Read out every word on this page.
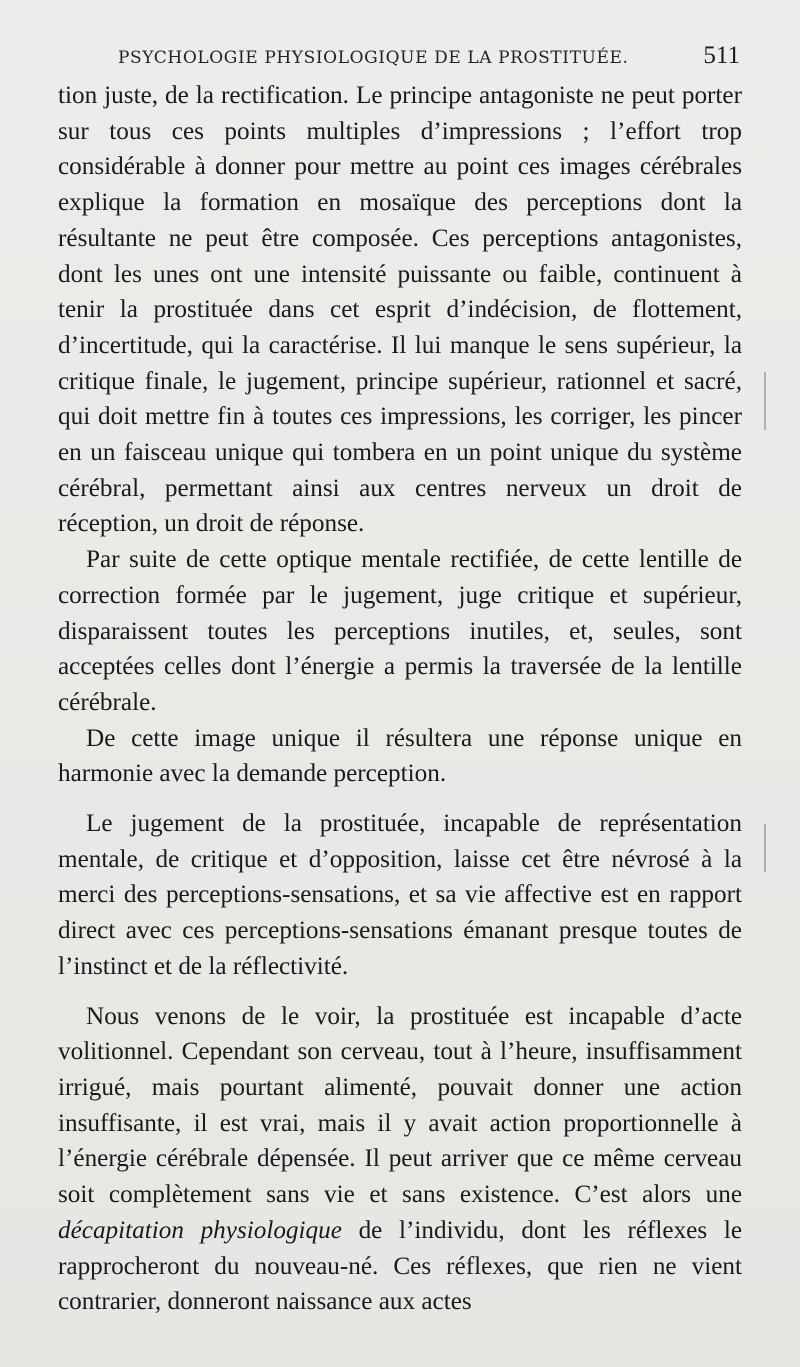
PSYCHOLOGIE PHYSIOLOGIQUE DE LA PROSTITUÉE.	511

tion juste, de la rectification. Le principe antagoniste ne peut porter sur tous ces points multiples d’impressions ; l’effort trop considérable à donner pour mettre au point ces images cérébrales explique la formation en mosaïque des perceptions dont la résultante ne peut être composée. Ces perceptions antagonistes, dont les unes ont une intensité puissante ou faible, continuent à tenir la prostituée dans cet esprit d’indécision, de flottement, d’incertitude, qui la caractérise. Il lui manque le sens supérieur, la critique finale, le jugement, principe supérieur, rationnel et sacré, qui doit mettre fin à toutes ces impressions, les corriger, les pincer en un faisceau unique qui tombera en un point unique du système cérébral, permettant ainsi aux centres nerveux un droit de réception, un droit de réponse.

Par suite de cette optique mentale rectifiée, de cette lentille de correction formée par le jugement, juge critique et supérieur, disparaissent toutes les perceptions inutiles, et, seules, sont acceptées celles dont l’énergie a permis la traversée de la lentille cérébrale.

De cette image unique il résultera une réponse unique en harmonie avec la demande perception.

Le jugement de la prostituée, incapable de représentation mentale, de critique et d’opposition, laisse cet être névrosé à la merci des perceptions-sensations, et sa vie affective est en rapport direct avec ces perceptions-sensations émanant presque toutes de l’instinct et de la réflectivité.

Nous venons de le voir, la prostituée est incapable d’acte volitionnel. Cependant son cerveau, tout à l’heure, insuffisamment irrigué, mais pourtant alimenté, pouvait donner une action insuffisante, il est vrai, mais il y avait action proportionnelle à l’énergie cérébrale dépensée. Il peut arriver que ce même cerveau soit complètement sans vie et sans existence. C’est alors une décapitation physiologique de l’individu, dont les réflexes le rapprocheront du nouveau-né. Ces réflexes, que rien ne vient contrarier, donneront naissance aux actes
